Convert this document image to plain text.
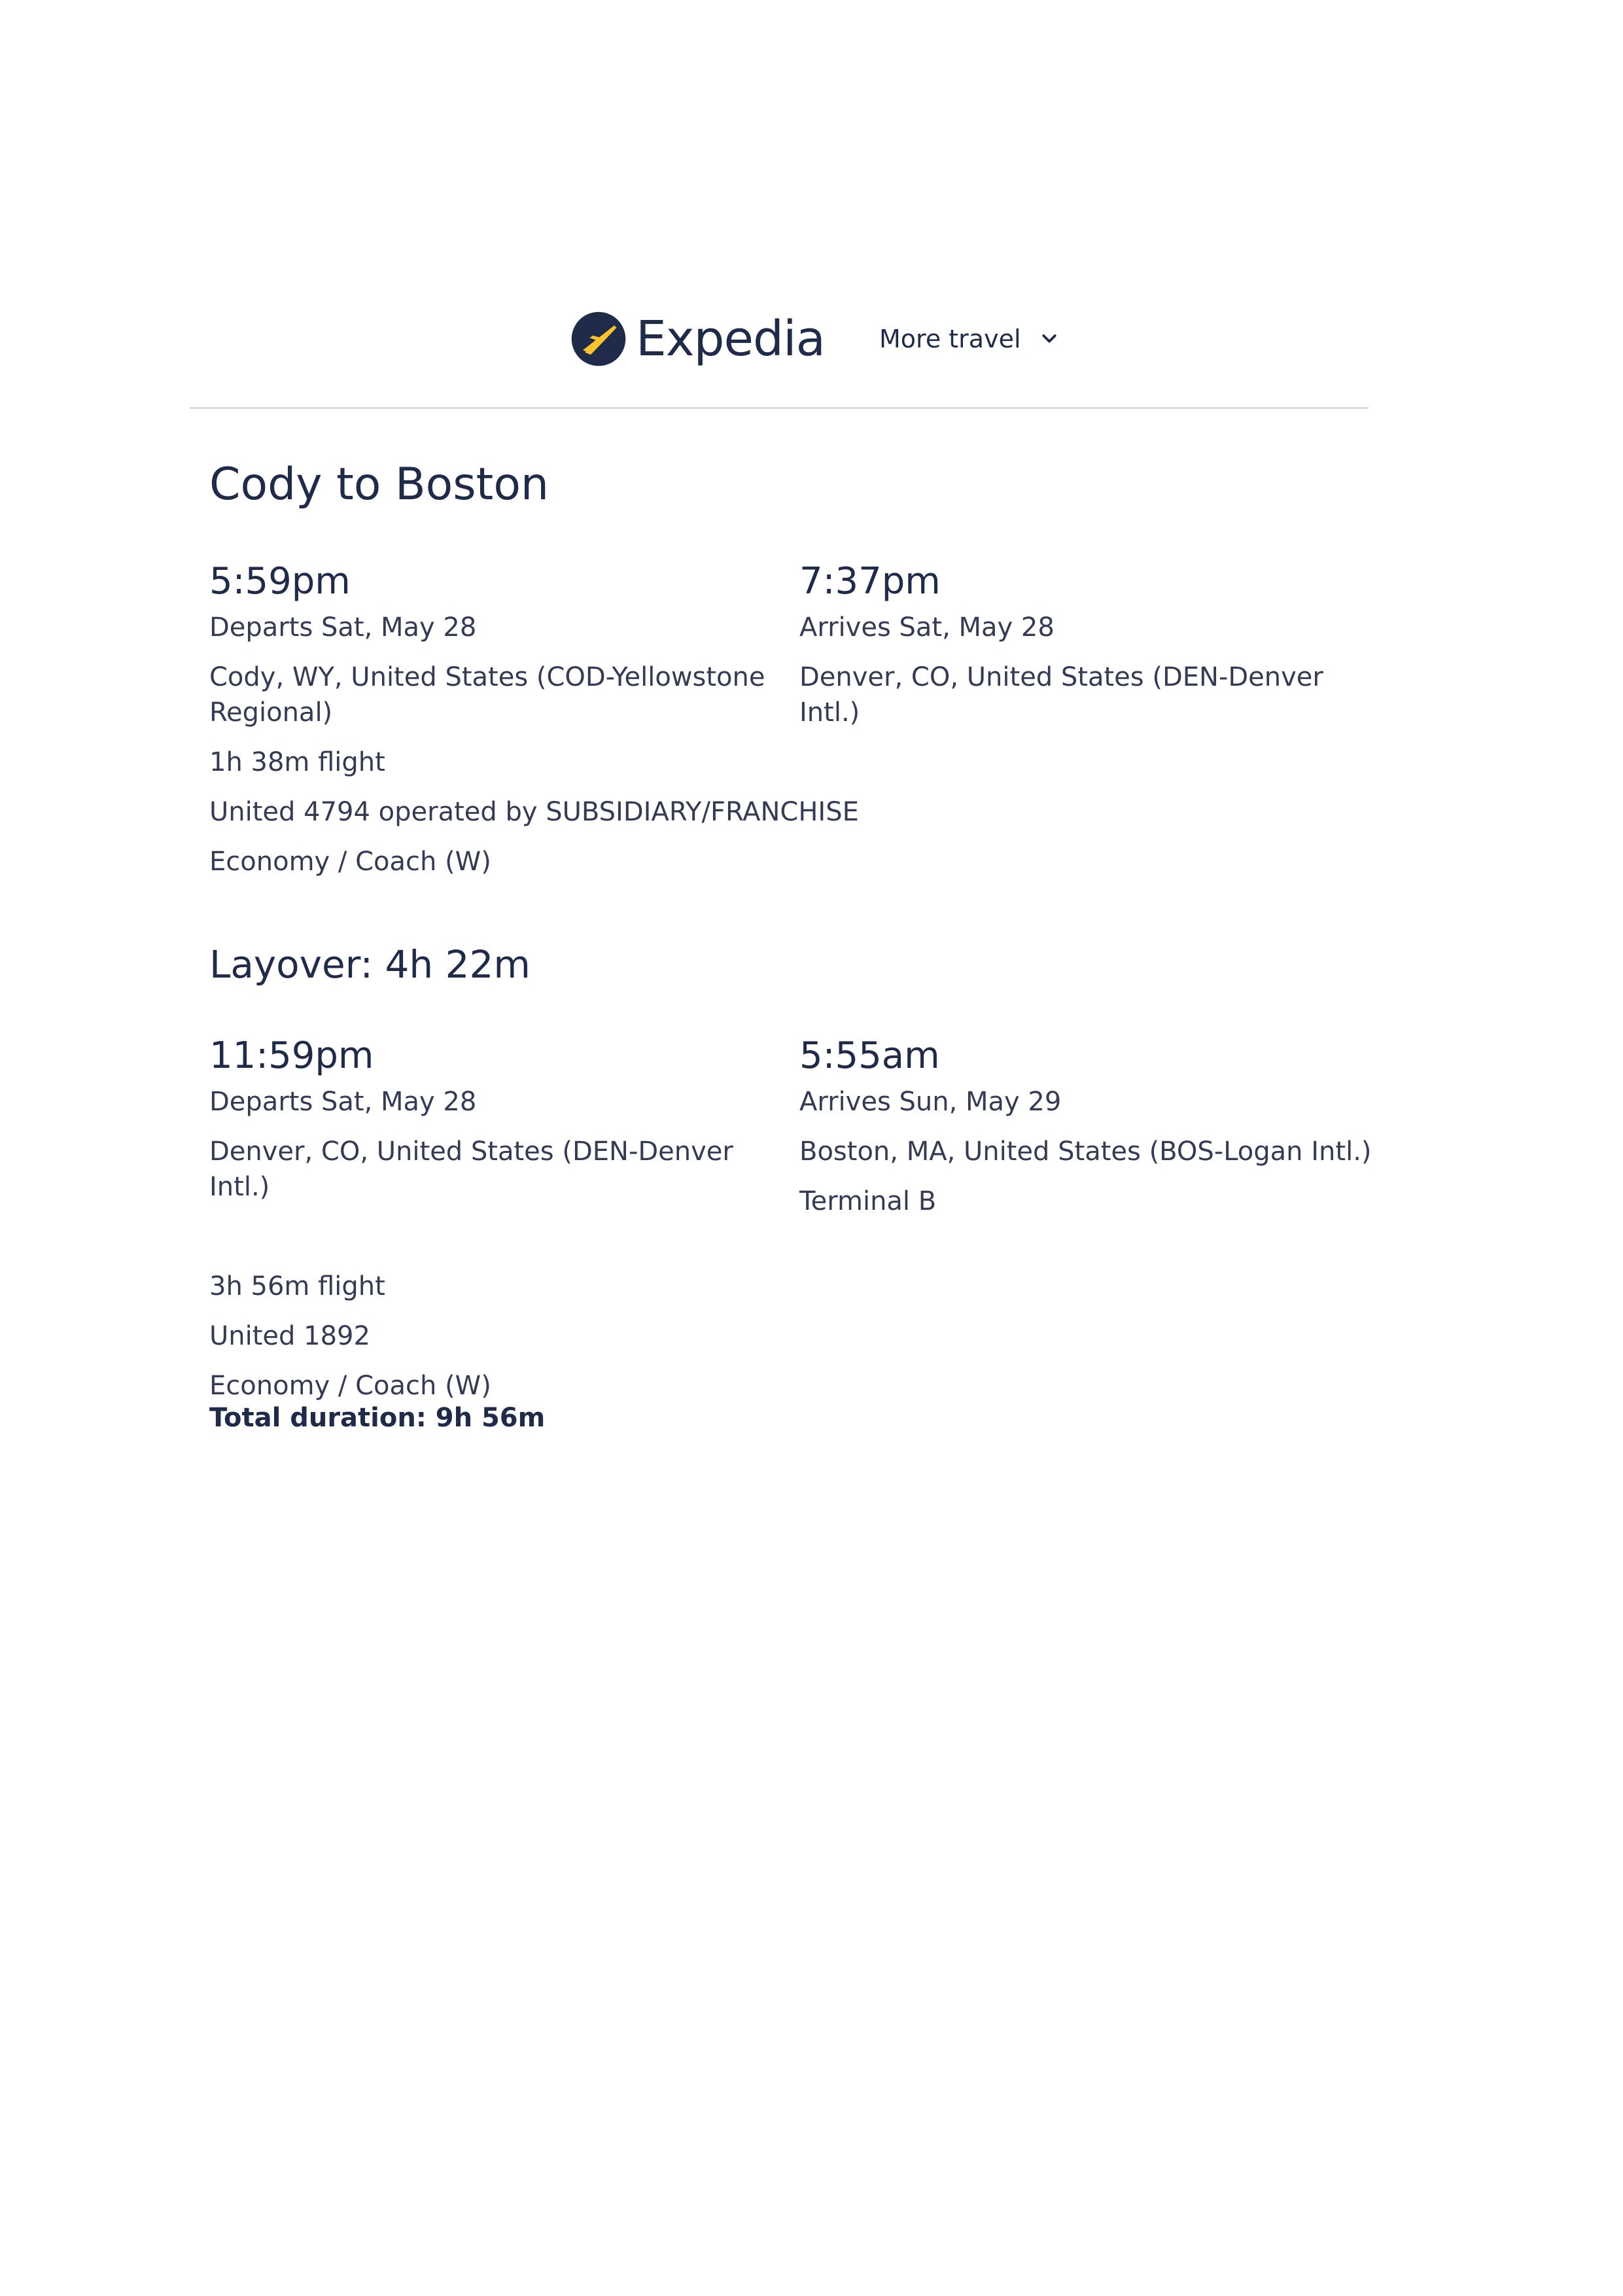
Expedia More travel
Cody to Boston

5:59pm

Departs Sat, May 28

Cody, WY, United States (COD-Yellowstone Regional)

1h 38m flight

United 4794 operated by SUBSIDIARY/FRANCHISE

Economy / Coach (W)

7:37pm

Arrives Sat, May 28

Denver, CO, United States (DEN-Denver Intl.)

Layover: 4h 22m

11:59pm

Departs Sat, May 28

Denver, CO, United States (DEN-Denver Intl.)

3h 56m flight

United 1892

Economy / Coach (W)

5:55am

Arrives Sun, May 29

Boston, MA, United States (BOS-Logan Intl.)

Terminal B

Total duration: 9h 56m
